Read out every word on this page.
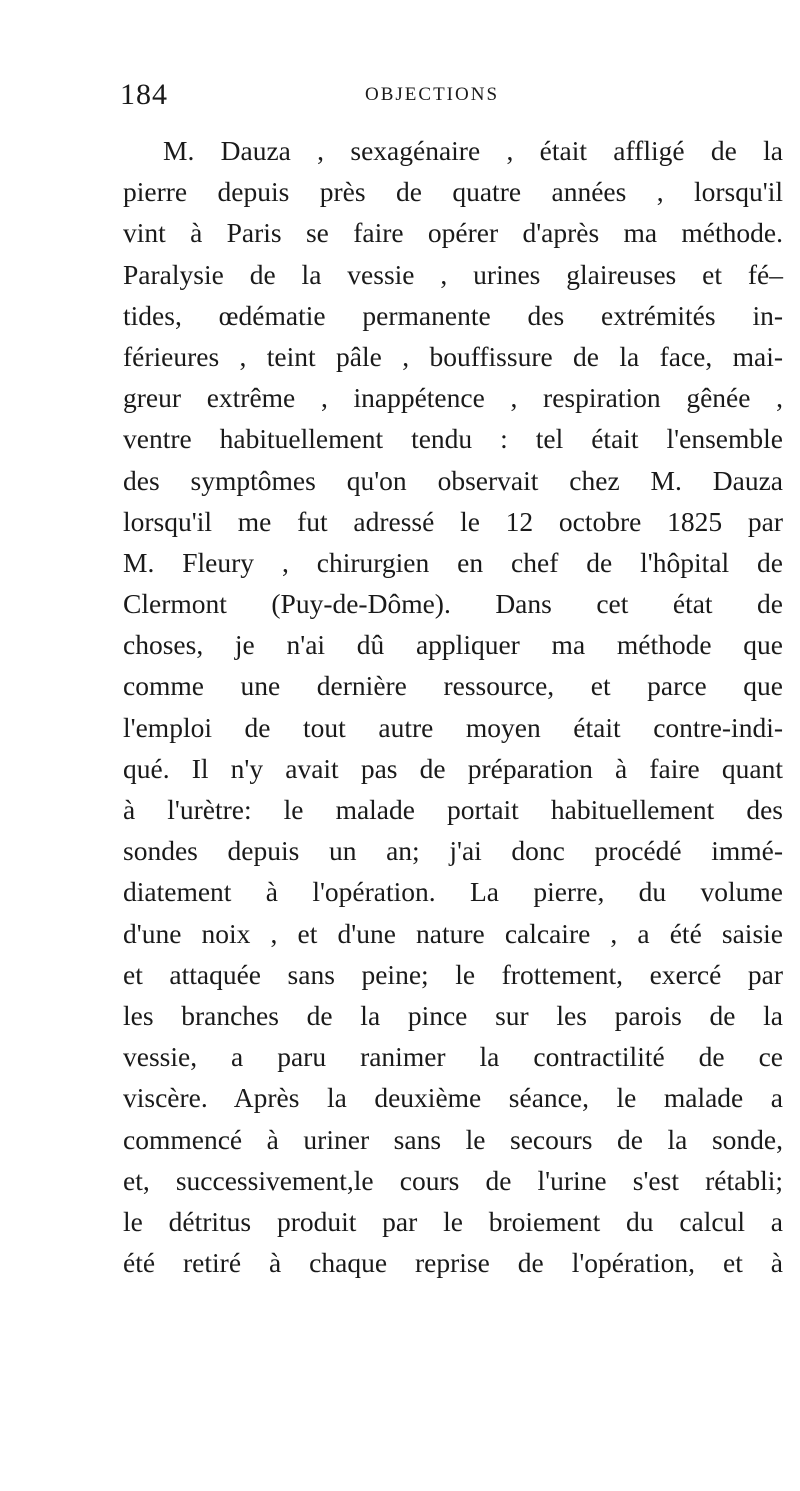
184	OBJECTIONS
M. Dauza , sexagénaire , était affligé de la
pierre depuis près de quatre années , lorsqu'il
vint à Paris se faire opérer d'après ma méthode.
Paralysie de la vessie , urines glaireuses et fé–
tides, œdématie permanente des extrémités in-
férieures , teint pâle , bouffissure de la face, mai-
greur extrême , inappétence , respiration gênée ,
ventre habituellement tendu : tel était l'ensemble
des symptômes qu'on observait chez M. Dauza
lorsqu'il me fut adressé le 12 octobre 1825 par
M. Fleury , chirurgien en chef de l'hôpital de
Clermont (Puy-de-Dôme). Dans cet état de
choses, je n'ai dû appliquer ma méthode que
comme une dernière ressource, et parce que
l'emploi de tout autre moyen était contre-indi-
qué. Il n'y avait pas de préparation à faire quant
à l'urètre: le malade portait habituellement des
sondes depuis un an; j'ai donc procédé immé-
diatement à l'opération. La pierre, du volume
d'une noix , et d'une nature calcaire , a été saisie
et attaquée sans peine; le frottement, exercé par
les branches de la pince sur les parois de la
vessie, a paru ranimer la contractilité de ce
viscère. Après la deuxième séance, le malade a
commencé à uriner sans le secours de la sonde,
et, successivement,le cours de l'urine s'est rétabli;
le détritus produit par le broiement du calcul a
été retiré à chaque reprise de l'opération, et à
